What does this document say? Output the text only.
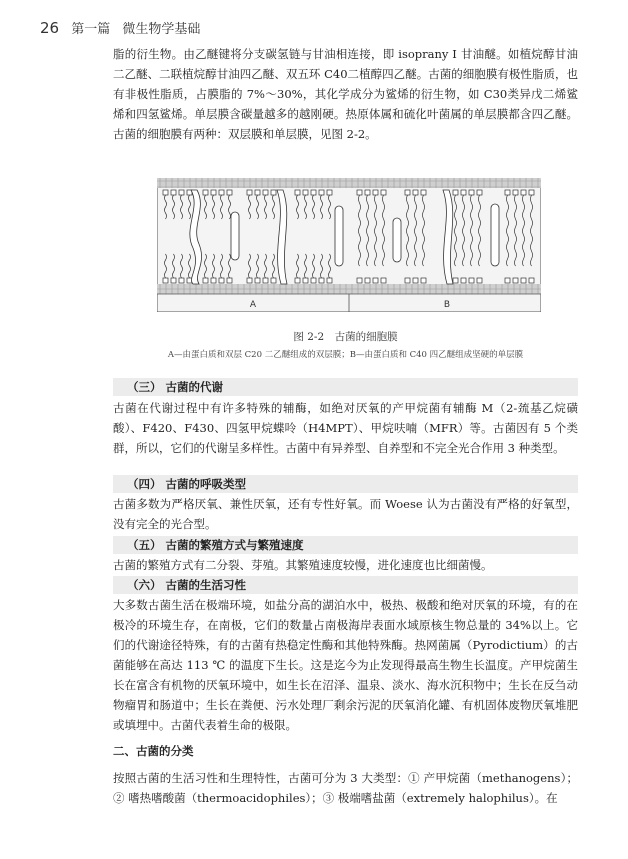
26 第一篇 微生物学基础

脂的衍生物。由乙醚键将分支碳氢链与甘油相连接，即 isoprany Ⅰ 甘油醚。如植烷醇甘油二乙醚、二联植烷醇甘油四乙醚、双五环 C40二植醇四乙醚。古菌的细胞膜有极性脂质，也有非极性脂质，占膜脂的 7%～30%，其化学成分为鲨烯的衍生物，如 C30类异戊二烯鲨烯和四氢鲨烯。单层膜含碳量越多的越刚硬。热原体属和硫化叶菌属的单层膜都含四乙醚。古菌的细胞膜有两种：双层膜和单层膜，见图 2-2。

A	B
图 2-2　古菌的细胞膜
A—由蛋白质和双层 C20 二乙醚组成的双层膜；B—由蛋白质和 C40 四乙醚组成坚硬的单层膜
（三） 古菌的代谢

古菌在代谢过程中有许多特殊的辅酶，如绝对厌氧的产甲烷菌有辅酶 M（2-巯基乙烷磺酸）、F420、F430、四氢甲烷蝶呤（H4MPT）、甲烷呋喃（MFR）等。古菌因有 5 个类群，所以，它们的代谢呈多样性。古菌中有异养型、自养型和不完全光合作用 3 种类型。

（四） 古菌的呼吸类型

古菌多数为严格厌氧、兼性厌氧，还有专性好氧。而 Woese 认为古菌没有严格的好氧型，没有完全的光合型。

（五） 古菌的繁殖方式与繁殖速度

古菌的繁殖方式有二分裂、芽殖。其繁殖速度较慢，进化速度也比细菌慢。

（六） 古菌的生活习性

大多数古菌生活在极端环境，如盐分高的湖泊水中，极热、极酸和绝对厌氧的环境，有的在极冷的环境生存，在南极，它们的数量占南极海岸表面水域原核生物总量的 34%以上。它们的代谢途径特殊，有的古菌有热稳定性酶和其他特殊酶。热网菌属（Pyrodictium）的古菌能够在高达 113 ℃ 的温度下生长。这是迄今为止发现得最高生物生长温度。产甲烷菌生长在富含有机物的厌氧环境中，如生长在沼泽、温泉、淡水、海水沉积物中；生长在反刍动物瘤胃和肠道中；生长在粪便、污水处理厂剩余污泥的厌氧消化罐、有机固体废物厌氧堆肥或填埋中。古菌代表着生命的极限。

二、古菌的分类

按照古菌的生活习性和生理特性，古菌可分为 3 大类型：① 产甲烷菌（methanogens）；② 嗜热嗜酸菌（thermoacidophiles）；③ 极端嗜盐菌（extremely halophilus）。在
